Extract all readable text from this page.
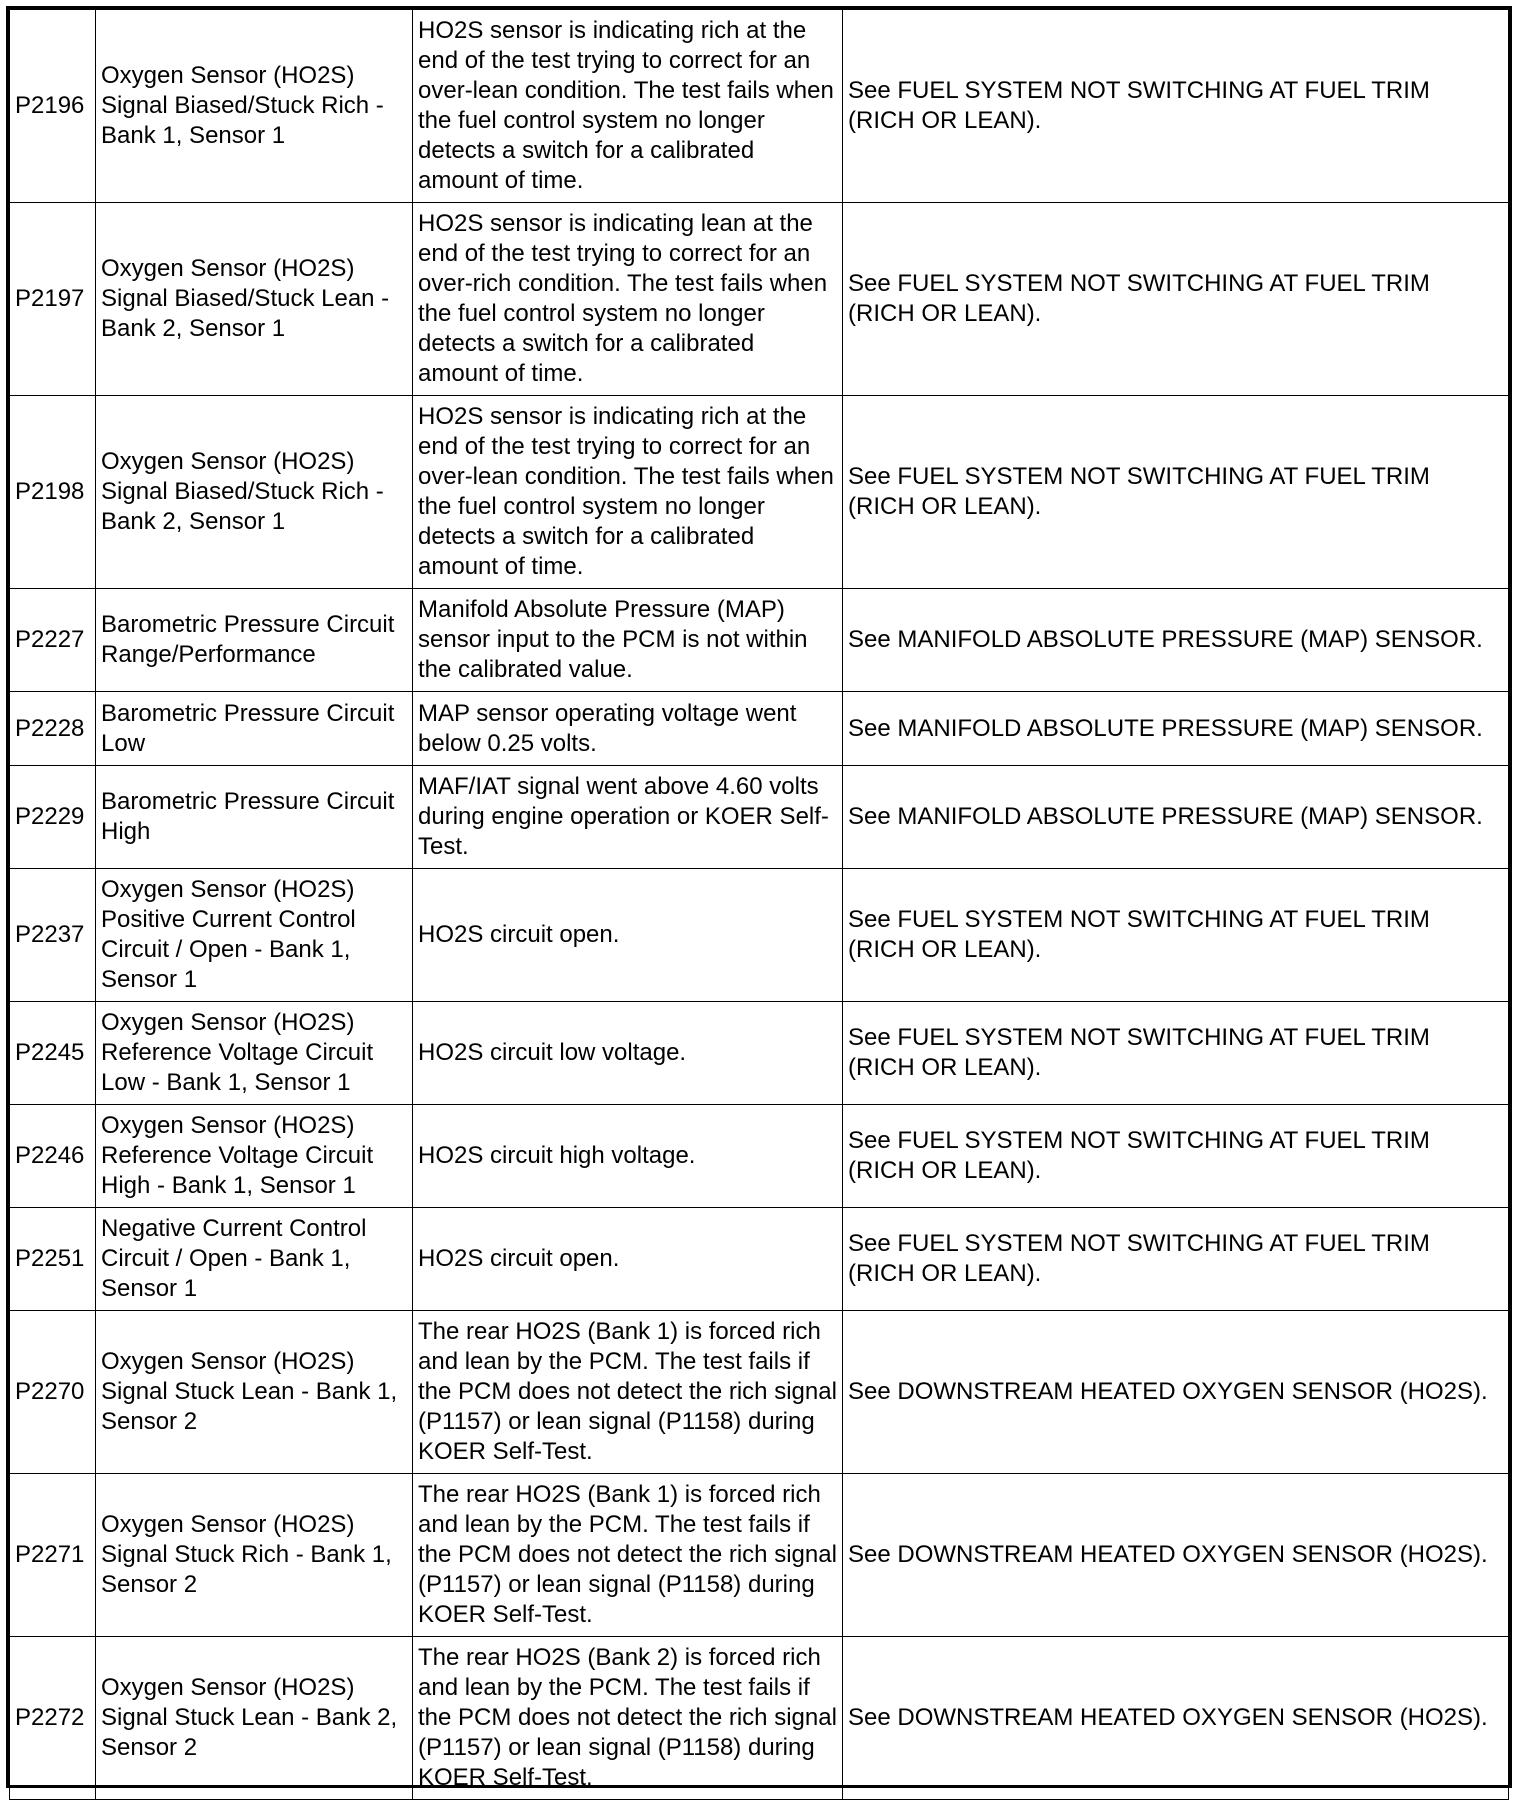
P2196	Oxygen Sensor (HO2S) Signal Biased/Stuck Rich - Bank 1, Sensor 1	HO2S sensor is indicating rich at the end of the test trying to correct for an over-lean condition. The test fails when the fuel control system no longer detects a switch for a calibrated amount of time.	See FUEL SYSTEM NOT SWITCHING AT FUEL TRIM (RICH OR LEAN).
P2197	Oxygen Sensor (HO2S) Signal Biased/Stuck Lean - Bank 2, Sensor 1	HO2S sensor is indicating lean at the end of the test trying to correct for an over-rich condition. The test fails when the fuel control system no longer detects a switch for a calibrated amount of time.	See FUEL SYSTEM NOT SWITCHING AT FUEL TRIM (RICH OR LEAN).
P2198	Oxygen Sensor (HO2S) Signal Biased/Stuck Rich - Bank 2, Sensor 1	HO2S sensor is indicating rich at the end of the test trying to correct for an over-lean condition. The test fails when the fuel control system no longer detects a switch for a calibrated amount of time.	See FUEL SYSTEM NOT SWITCHING AT FUEL TRIM (RICH OR LEAN).
P2227	Barometric Pressure Circuit Range/Performance	Manifold Absolute Pressure (MAP) sensor input to the PCM is not within the calibrated value.	See MANIFOLD ABSOLUTE PRESSURE (MAP) SENSOR.
P2228	Barometric Pressure Circuit Low	MAP sensor operating voltage went below 0.25 volts.	See MANIFOLD ABSOLUTE PRESSURE (MAP) SENSOR.
P2229	Barometric Pressure Circuit High	MAF/IAT signal went above 4.60 volts during engine operation or KOER Self-Test.	See MANIFOLD ABSOLUTE PRESSURE (MAP) SENSOR.
P2237	Oxygen Sensor (HO2S) Positive Current Control Circuit / Open - Bank 1, Sensor 1	HO2S circuit open.	See FUEL SYSTEM NOT SWITCHING AT FUEL TRIM (RICH OR LEAN).
P2245	Oxygen Sensor (HO2S) Reference Voltage Circuit Low - Bank 1, Sensor 1	HO2S circuit low voltage.	See FUEL SYSTEM NOT SWITCHING AT FUEL TRIM (RICH OR LEAN).
P2246	Oxygen Sensor (HO2S) Reference Voltage Circuit High - Bank 1, Sensor 1	HO2S circuit high voltage.	See FUEL SYSTEM NOT SWITCHING AT FUEL TRIM (RICH OR LEAN).
P2251	Negative Current Control Circuit / Open - Bank 1, Sensor 1	HO2S circuit open.	See FUEL SYSTEM NOT SWITCHING AT FUEL TRIM (RICH OR LEAN).
P2270	Oxygen Sensor (HO2S) Signal Stuck Lean - Bank 1, Sensor 2	The rear HO2S (Bank 1) is forced rich and lean by the PCM. The test fails if the PCM does not detect the rich signal (P1157) or lean signal (P1158) during KOER Self-Test.	See DOWNSTREAM HEATED OXYGEN SENSOR (HO2S).
P2271	Oxygen Sensor (HO2S) Signal Stuck Rich - Bank 1, Sensor 2	The rear HO2S (Bank 1) is forced rich and lean by the PCM. The test fails if the PCM does not detect the rich signal (P1157) or lean signal (P1158) during KOER Self-Test.	See DOWNSTREAM HEATED OXYGEN SENSOR (HO2S).
P2272	Oxygen Sensor (HO2S) Signal Stuck Lean - Bank 2, Sensor 2	The rear HO2S (Bank 2) is forced rich and lean by the PCM. The test fails if the PCM does not detect the rich signal (P1157) or lean signal (P1158) during KOER Self-Test.	See DOWNSTREAM HEATED OXYGEN SENSOR (HO2S).
